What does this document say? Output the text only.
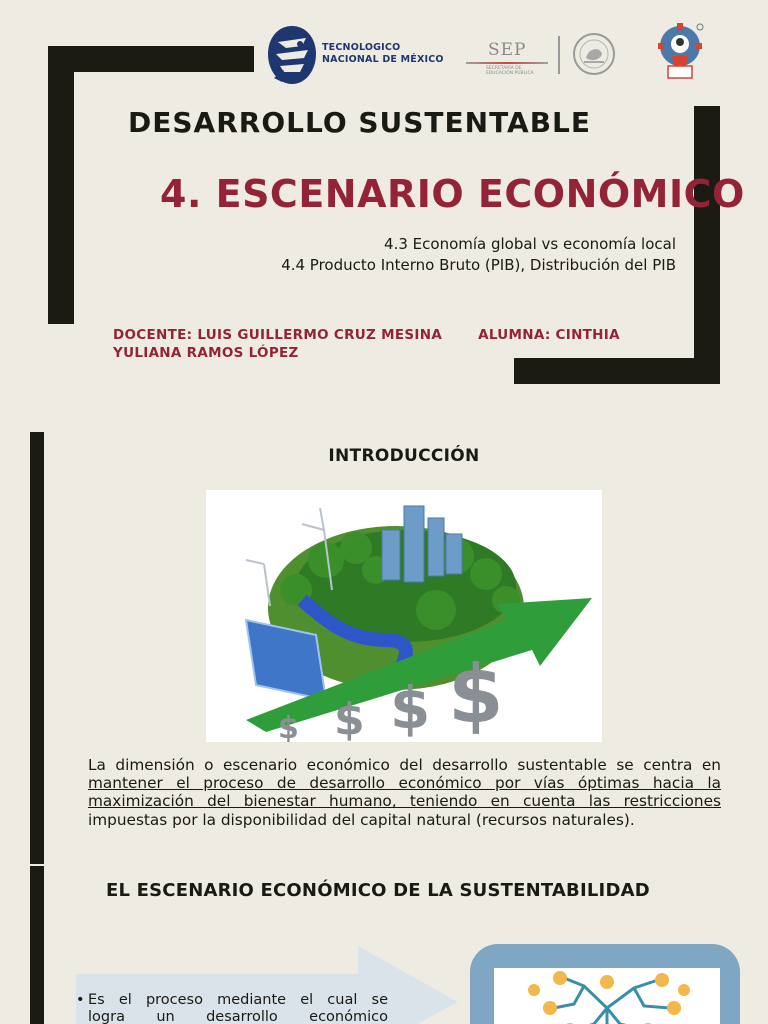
TECNOLOGICO
NACIONAL DE MÉXICO	SEP
SECRETARÍA DE EDUCACIÓN PÚBLICA
DESARROLLO SUSTENTABLE
4. ESCENARIO ECONÓMICO
4.3 Economía global vs economía local
4.4 Producto Interno Bruto (PIB), Distribución del PIB
DOCENTE: LUIS GUILLERMO CRUZ MESINA	ALUMNA: CINTHIA
YULIANA RAMOS LÓPEZ
INTRODUCCIÓN
$ $ $
$

La dimensión o escenario económico del desarrollo sustentable se centra en mantener el proceso de desarrollo económico por vías óptimas hacia la maximización del bienestar humano, teniendo en cuenta las restricciones impuestas por la disponibilidad del capital natural (recursos naturales).

EL ESCENARIO ECONÓMICO DE LA SUSTENTABILIDAD
• Es el proceso mediante el cual se

logra un desarrollo económico
